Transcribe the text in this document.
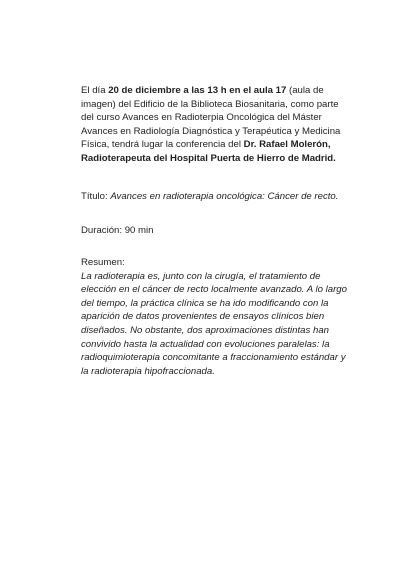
El día 20 de diciembre a las 13 h en el aula 17 (aula de imagen) del Edificio de la Biblioteca Biosanitaria, como parte del curso Avances en Radioterpia Oncológica del Máster Avances en Radiología Diagnóstica y Terapéutica y Medicina Física, tendrá lugar la conferencia del Dr. Rafael Molerón, Radioterapeuta del Hospital Puerta de Hierro de Madrid.

Título: Avances en radioterapia oncológica: Cáncer de recto.

Duración: 90 min

Resumen:

La radioterapia es, junto con la cirugía, el tratamiento de elección en el cáncer de recto localmente avanzado. A lo largo del tiempo, la práctica clínica se ha ido modificando con la aparición de datos provenientes de ensayos clínicos bien diseñados. No obstante, dos aproximaciones distintas han convivido hasta la actualidad con evoluciones paralelas: la radioquimioterapia concomitante a fraccionamiento estándar y la radioterapia hipofraccionada.
